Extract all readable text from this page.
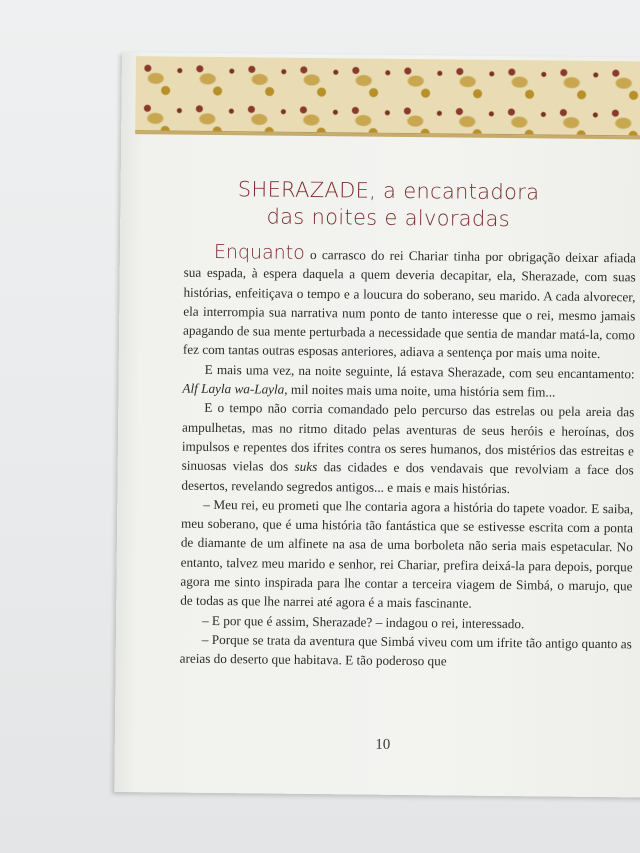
SHERAZADE, a encantadora
das noites e alvoradas

Enquanto o carrasco do rei Chariar tinha por obrigação deixar afiada sua espada, à espera daquela a quem deveria decapitar, ela, Sherazade, com suas histórias, enfeitiçava o tempo e a loucura do soberano, seu marido. A cada alvorecer, ela interrompia sua narrativa num ponto de tanto interesse que o rei, mesmo jamais apagando de sua mente perturbada a necessidade que sentia de mandar matá-la, como fez com tantas outras esposas anteriores, adiava a sentença por mais uma noite.

E mais uma vez, na noite seguinte, lá estava Sherazade, com seu encantamento: Alf Layla wa-Layla, mil noites mais uma noite, uma história sem fim...

E o tempo não corria comandado pelo percurso das estrelas ou pela areia das ampulhetas, mas no ritmo ditado pelas aventuras de seus heróis e heroínas, dos impulsos e repentes dos ifrites contra os seres humanos, dos mistérios das estreitas e sinuosas vielas dos suks das cidades e dos vendavais que revolviam a face dos desertos, revelando segredos antigos... e mais e mais histórias.

– Meu rei, eu prometi que lhe contaria agora a história do tapete voador. E saiba, meu soberano, que é uma história tão fantástica que se estivesse escrita com a ponta de diamante de um alfinete na asa de uma borboleta não seria mais espetacular. No entanto, talvez meu marido e senhor, rei Chariar, prefira deixá-la para depois, porque agora me sinto inspirada para lhe contar a terceira viagem de Simbá, o marujo, que de todas as que lhe narrei até agora é a mais fascinante.

– E por que é assim, Sherazade? – indagou o rei, interessado.

– Porque se trata da aventura que Simbá viveu com um ifrite tão antigo quanto as areias do deserto que habitava. E tão poderoso que

10
